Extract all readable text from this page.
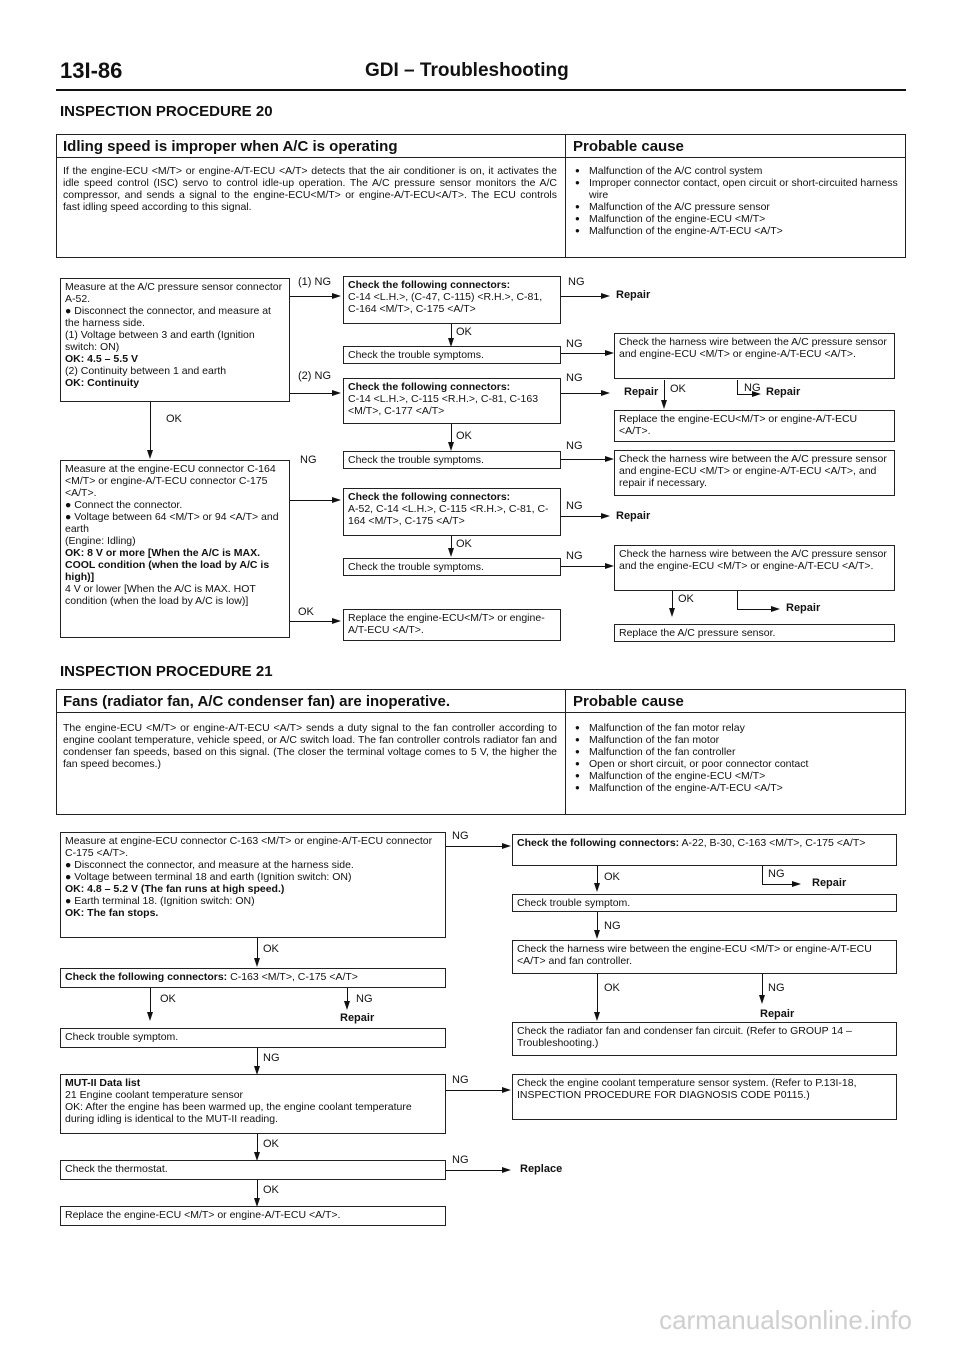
13I-86	GDI – Troubleshooting
INSPECTION PROCEDURE 20
Idling speed is improper when A/C is operating	Probable cause
If the engine-ECU <M/T> or engine-A/T-ECU <A/T> detects that the air conditioner is on, it activates the idle speed control (ISC) servo to control idle-up operation. The A/C pressure sensor monitors the A/C compressor, and sends a signal to the engine-ECU<M/T> or engine-A/T-ECU<A/T>. The ECU controls fast idling speed according to this signal.
● Malfunction of the A/C control system
● Improper connector contact, open circuit or short-circuited harness wire
● Malfunction of the A/C pressure sensor
● Malfunction of the engine-ECU <M/T>
● Malfunction of the engine-A/T-ECU <A/T>
Measure at the A/C pressure sensor connector A-52.
● Disconnect the connector, and measure at the harness side.
(1) Voltage between 3 and earth (Ignition switch: ON)
OK: 4.5 – 5.5 V
(2) Continuity between 1 and earth
OK: Continuity
(1) NG Check the following connectors:
C-14 <L.H.>, (C-47, C-115) <R.H.>, C-81, C-164 <M/T>, C-175 <A/T>
NG
Repair
OK
Check the trouble symptoms.
NG	Check the harness wire between the A/C pressure sensor and engine-ECU <M/T> or engine-A/T-ECU <A/T>.
(2) NG
Check the following connectors:
C-14 <L.H.>, C-115 <R.H.>, C-81, C-163 <M/T>, C-177 <A/T>
NG
Repair OK	NG Repair
Replace the engine-ECU<M/T> or engine-A/T-ECU <A/T>.
OK
OK
Check the trouble symptoms.
NG
Check the harness wire between the A/C pressure sensor and engine-ECU <M/T> or engine-A/T-ECU <A/T>, and repair if necessary.
Measure at the engine-ECU connector C-164 <M/T> or engine-A/T-ECU connector C-175 <A/T>.
● Connect the connector.
● Voltage between 64 <M/T> or 94 <A/T> and earth
(Engine: Idling)
OK: 8 V or more [When the A/C is MAX. COOL condition (when the load by A/C is high)]
4 V or lower [When the A/C is MAX. HOT condition (when the load by A/C is low)]
NG
Check the following connectors:
A-52, C-14 <L.H.>, C-115 <R.H.>, C-81, C-164 <M/T>, C-175 <A/T>
NG
Repair
OK
Check the trouble symptoms.
NG	Check the harness wire between the A/C pressure sensor and the engine-ECU <M/T> or engine-A/T-ECU <A/T>.
OK
Repair
OK	Replace the engine-ECU<M/T> or engine-A/T-ECU <A/T>.	Replace the A/C pressure sensor.
INSPECTION PROCEDURE 21
Fans (radiator fan, A/C condenser fan) are inoperative.	Probable cause
The engine-ECU <M/T> or engine-A/T-ECU <A/T> sends a duty signal to the fan controller according to engine coolant temperature, vehicle speed, or A/C switch load. The fan controller controls radiator fan and condenser fan speeds, based on this signal. (The closer the terminal voltage comes to 5 V, the higher the fan speed becomes.)
● Malfunction of the fan motor relay
● Malfunction of the fan motor
● Malfunction of the fan controller
● Open or short circuit, or poor connector contact
● Malfunction of the engine-ECU <M/T>
● Malfunction of the engine-A/T-ECU <A/T>
Measure at engine-ECU connector C-163 <M/T> or engine-A/T-ECU connector C-175 <A/T>.
● Disconnect the connector, and measure at the harness side.
● Voltage between terminal 18 and earth (Ignition switch: ON)
OK: 4.8 – 5.2 V (The fan runs at high speed.)
● Earth terminal 18. (Ignition switch: ON)
OK: The fan stops.
NG
Check the following connectors: A-22, B-30, C-163 <M/T>, C-175 <A/T>
OK	NG
Repair
Check trouble symptom.
NG
Check the harness wire between the engine-ECU <M/T> or engine-A/T-ECU <A/T> and fan controller.
OK
Check the following connectors: C-163 <M/T>, C-175 <A/T>
OK	NG
Repair
Check the radiator fan and condenser fan circuit. (Refer to GROUP 14 – Troubleshooting.)
OK	NG
Repair
Check trouble symptom.
NG
MUT-II Data list
21 Engine coolant temperature sensor
OK: After the engine has been warmed up, the engine coolant temperature during idling is identical to the MUT-II reading.
NG	Check the engine coolant temperature sensor system. (Refer to P.13I-18, INSPECTION PROCEDURE FOR DIAGNOSIS CODE P0115.)
OK
Check the thermostat.
NG
Replace
OK
Replace the engine-ECU <M/T> or engine-A/T-ECU <A/T>.
carmanualsonline.info
